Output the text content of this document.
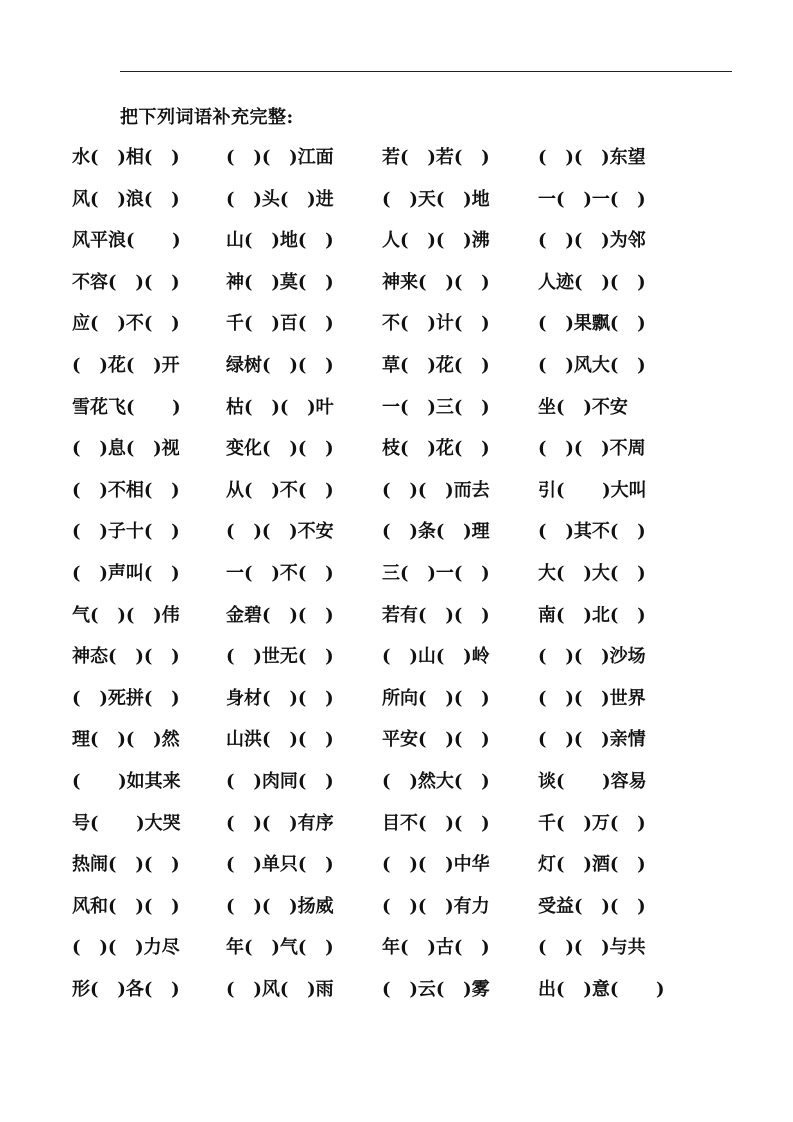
把下列词语补充完整:
水(   )相(   )	(   )(   )江面	若(   )若(   )	(   )(   )东望
风(   )浪(   )	(   )头(   )进	(   )天(   )地	一(   )一(   )
风平浪(      )	山(   )地(   )	人(   )(   )沸	(   )(   )为邻
不容(   )(   )	神(   )莫(   )	神来(   )(   )	人迹(   )(   )
应(   )不(   )	千(   )百(   )	不(   )计(   )	(   )果飘(   )
(   )花(   )开	绿树(   )(   )	草(   )花(   )	(   )风大(   )
雪花飞(      )	枯(   )(   )叶	一(   )三(   )	坐(   )不安
(   )息(   )视	变化(   )(   )	枝(   )花(   )	(   )(   )不周
(   )不相(   )	从(   )不(   )	(   )(   )而去	引(      )大叫
(   )子十(   )	(   )(   )不安	(   )条(   )理	(   )其不(   )
(   )声叫(   )	一(   )不(   )	三(   )一(   )	大(   )大(   )
气(   )(   )伟	金碧(   )(   )	若有(   )(   )	南(   )北(   )
神态(   )(   )	(   )世无(   )	(   )山(   )岭	(   )(   )沙场
(   )死拼(   )	身材(   )(   )	所向(   )(   )	(   )(   )世界
理(   )(   )然	山洪(   )(   )	平安(   )(   )	(   )(   )亲情
(      )如其来	(   )肉同(   )	(   )然大(   )	谈(      )容易
号(      )大哭	(   )(   )有序	目不(   )(   )	千(   )万(   )
热闹(   )(   )	(   )单只(   )	(   )(   )中华	灯(   )酒(   )
风和(   )(   )	(   )(   )扬威	(   )(   )有力	受益(   )(   )
(   )(   )力尽	年(   )气(   )	年(   )古(   )	(   )(   )与共
形(   )各(   )	(   )风(   )雨	(   )云(   )雾	出(   )意(      )
